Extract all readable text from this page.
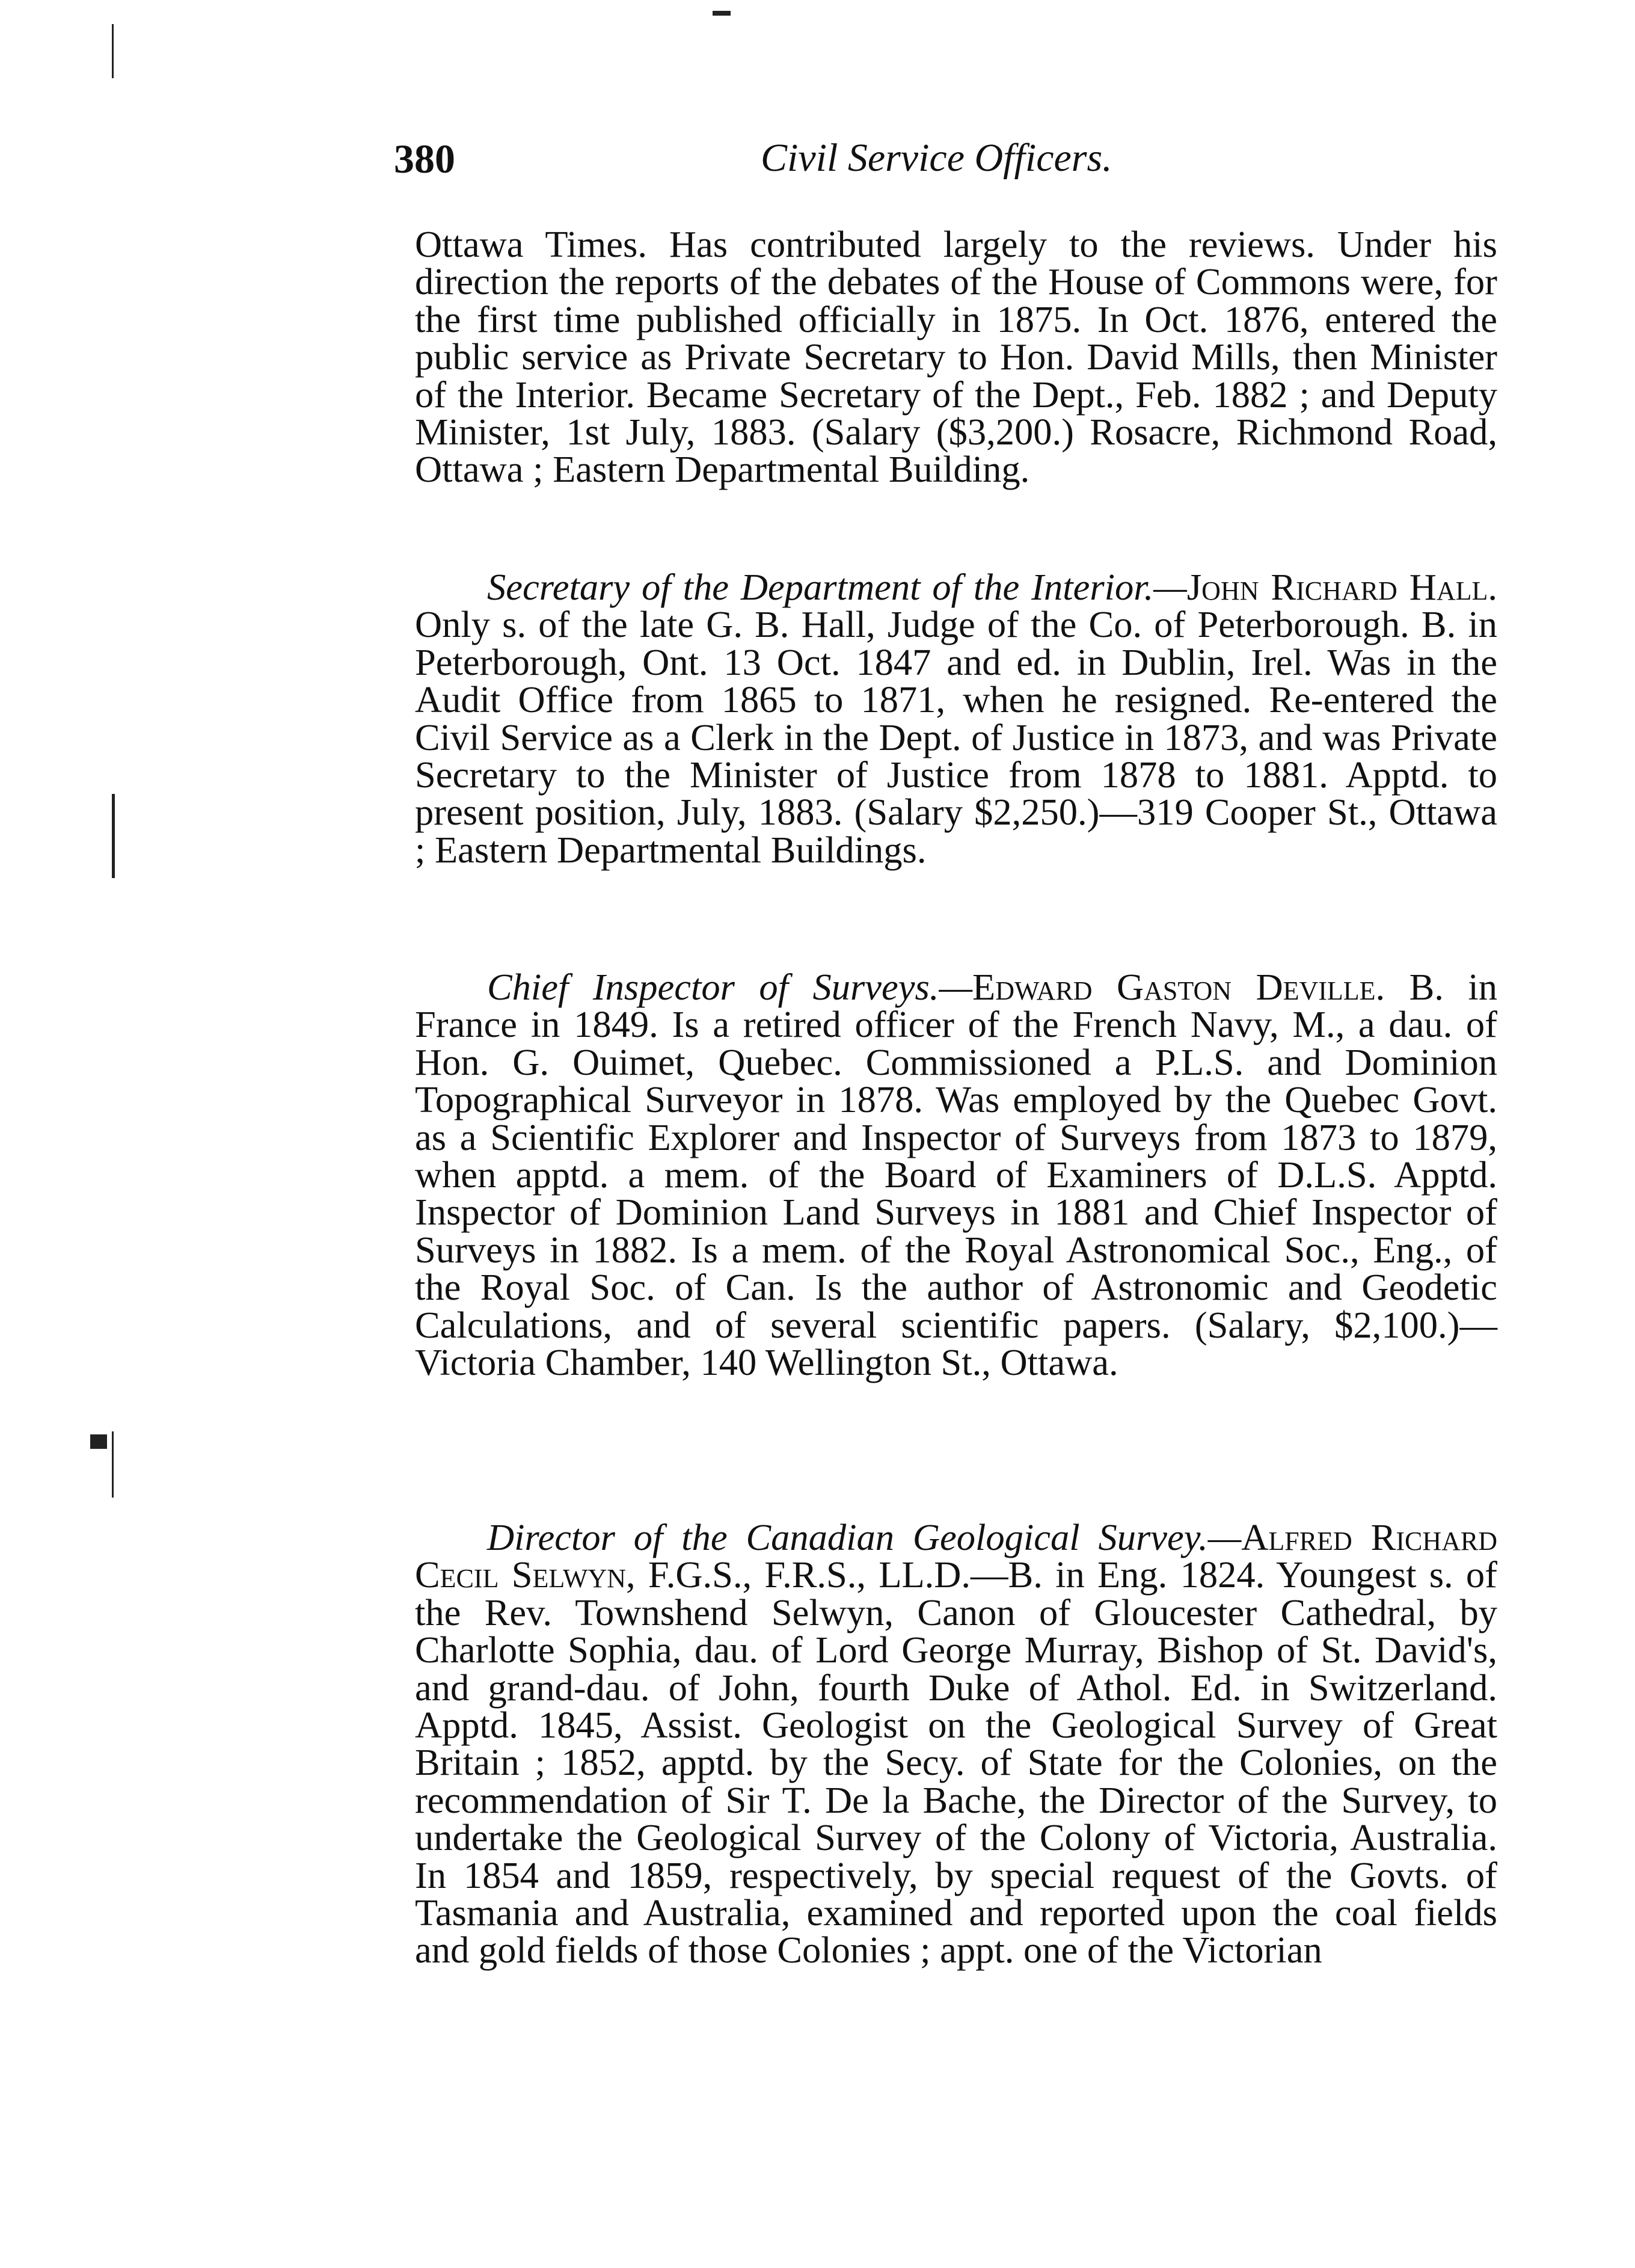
380	Civil Service Officers.

Ottawa Times. Has contributed largely to the reviews. Under his direction the reports of the debates of the House of Commons were, for the first time published officially in 1875. In Oct. 1876, entered the public service as Private Secretary to Hon. David Mills, then Minister of the Interior. Became Secretary of the Dept., Feb. 1882 ; and Deputy Minister, 1st July, 1883. (Salary ($3,200.) Rosacre, Richmond Road, Ottawa ; Eastern Departmental Building.

Secretary of the Department of the Interior.—John Richard Hall. Only s. of the late G. B. Hall, Judge of the Co. of Peterborough. B. in Peterborough, Ont. 13 Oct. 1847 and ed. in Dublin, Irel. Was in the Audit Office from 1865 to 1871, when he resigned. Re-entered the Civil Service as a Clerk in the Dept. of Justice in 1873, and was Private Secretary to the Minister of Justice from 1878 to 1881. Apptd. to present position, July, 1883. (Salary $2,250.)—319 Cooper St., Ottawa ; Eastern Departmental Buildings.

Chief Inspector of Surveys.—Edward Gaston Deville. B. in France in 1849. Is a retired officer of the French Navy, M., a dau. of Hon. G. Ouimet, Quebec. Commissioned a P.L.S. and Dominion Topographical Surveyor in 1878. Was employed by the Quebec Govt. as a Scientific Explorer and Inspector of Surveys from 1873 to 1879, when apptd. a mem. of the Board of Examiners of D.L.S. Apptd. Inspector of Dominion Land Surveys in 1881 and Chief Inspector of Surveys in 1882. Is a mem. of the Royal Astronomical Soc., Eng., of the Royal Soc. of Can. Is the author of Astronomic and Geodetic Calculations, and of several scientific papers. (Salary, $2,100.)—Victoria Chamber, 140 Wellington St., Ottawa.

Director of the Canadian Geological Survey.—Alfred Richard Cecil Selwyn, F.G.S., F.R.S., LL.D.—B. in Eng. 1824. Youngest s. of the Rev. Townshend Selwyn, Canon of Gloucester Cathedral, by Charlotte Sophia, dau. of Lord George Murray, Bishop of St. David's, and grand-dau. of John, fourth Duke of Athol. Ed. in Switzerland. Apptd. 1845, Assist. Geologist on the Geological Survey of Great Britain ; 1852, apptd. by the Secy. of State for the Colonies, on the recommendation of Sir T. De la Bache, the Director of the Survey, to undertake the Geological Survey of the Colony of Victoria, Australia. In 1854 and 1859, respectively, by special request of the Govts. of Tasmania and Australia, examined and reported upon the coal fields and gold fields of those Colonies ; appt. one of the Victorian
